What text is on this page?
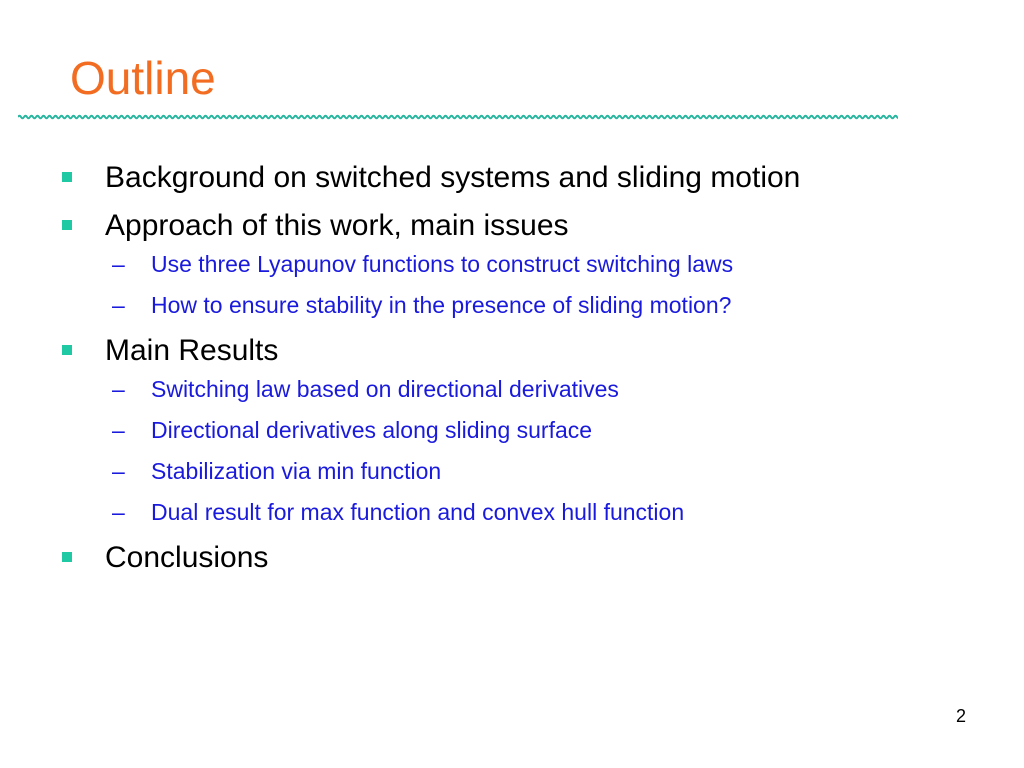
Outline
Background on switched systems and sliding motion
Approach of this work, main issues
– Use three Lyapunov functions to construct switching laws
– How to ensure stability in the presence of sliding motion?
Main Results
– Switching law based on directional derivatives
– Directional derivatives along sliding surface
– Stabilization via min function
– Dual result for max function and convex hull function
Conclusions
2
